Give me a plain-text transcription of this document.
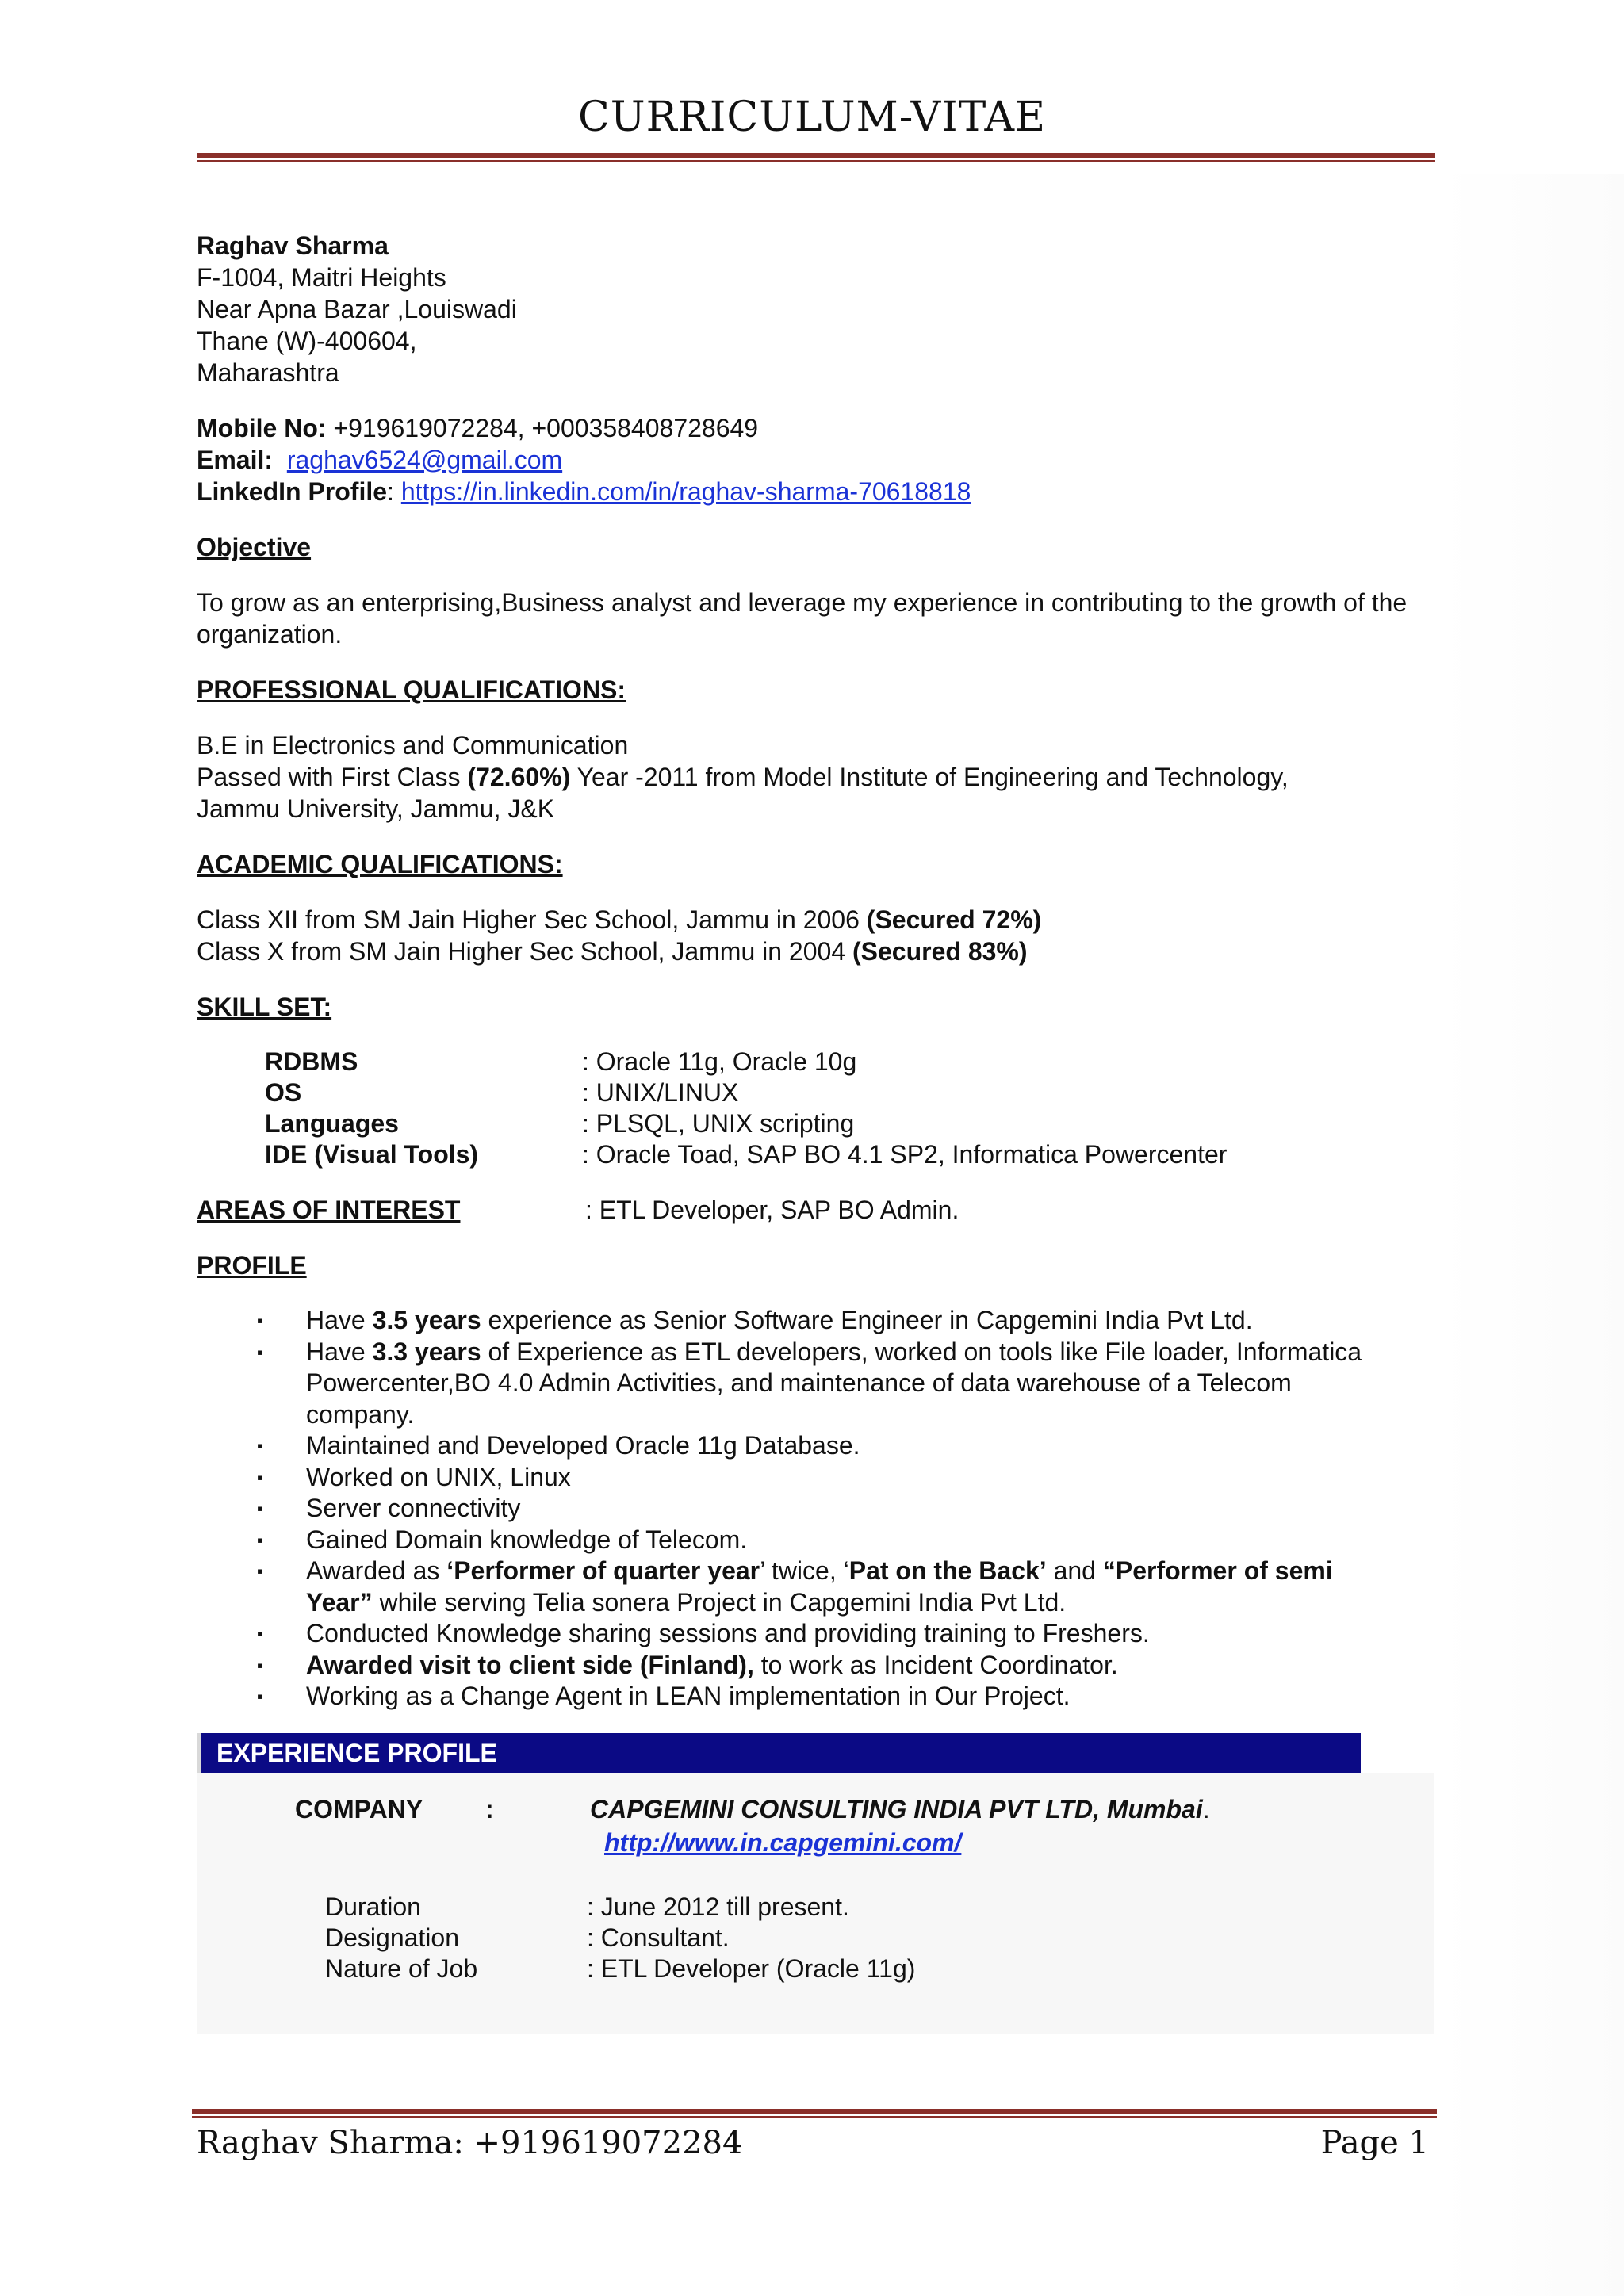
CURRICULUM-VITAE
Raghav Sharma
F-1004, Maitri Heights
Near Apna Bazar ,Louiswadi
Thane (W)-400604,
Maharashtra
Mobile No: +919619072284, +000358408728649
Email: raghav6524@gmail.com
LinkedIn Profile: https://in.linkedin.com/in/raghav-sharma-70618818
Objective
To grow as an enterprising,Business analyst and leverage my experience in contributing to the growth of the organization.
PROFESSIONAL QUALIFICATIONS:
B.E in Electronics and Communication
Passed with First Class (72.60%) Year -2011 from Model Institute of Engineering and Technology,
Jammu University, Jammu, J&K
ACADEMIC QUALIFICATIONS:
Class XII from SM Jain Higher Sec School, Jammu in 2006 (Secured 72%)
Class X from SM Jain Higher Sec School, Jammu in 2004 (Secured 83%)
SKILL SET:
RDBMS	: Oracle 11g, Oracle 10g
OS	: UNIX/LINUX
Languages	: PLSQL, UNIX scripting
IDE (Visual Tools)	: Oracle Toad, SAP BO 4.1 SP2, Informatica Powercenter
AREAS OF INTEREST	: ETL Developer, SAP BO Admin.
PROFILE
▪ Have 3.5 years experience as Senior Software Engineer in Capgemini India Pvt Ltd.
▪ Have 3.3 years of Experience as ETL developers, worked on tools like File loader, Informatica Powercenter,BO 4.0 Admin Activities, and maintenance of data warehouse of a Telecom company.
▪ Maintained and Developed Oracle 11g Database.
▪ Worked on UNIX, Linux
▪ Server connectivity
▪ Gained Domain knowledge of Telecom.
▪ Awarded as ‘Performer of quarter year’ twice, ‘Pat on the Back’ and “Performer of semi Year” while serving Telia sonera Project in Capgemini India Pvt Ltd.
▪ Conducted Knowledge sharing sessions and providing training to Freshers.
▪ Awarded visit to client side (Finland), to work as Incident Coordinator.
▪ Working as a Change Agent in LEAN implementation in Our Project.
EXPERIENCE PROFILE
COMPANY	:	CAPGEMINI CONSULTING INDIA PVT LTD, Mumbai.
http://www.in.capgemini.com/
Duration	: June 2012 till present.
Designation	: Consultant.
Nature of Job	: ETL Developer (Oracle 11g)
Raghav Sharma: +919619072284	Page 1
